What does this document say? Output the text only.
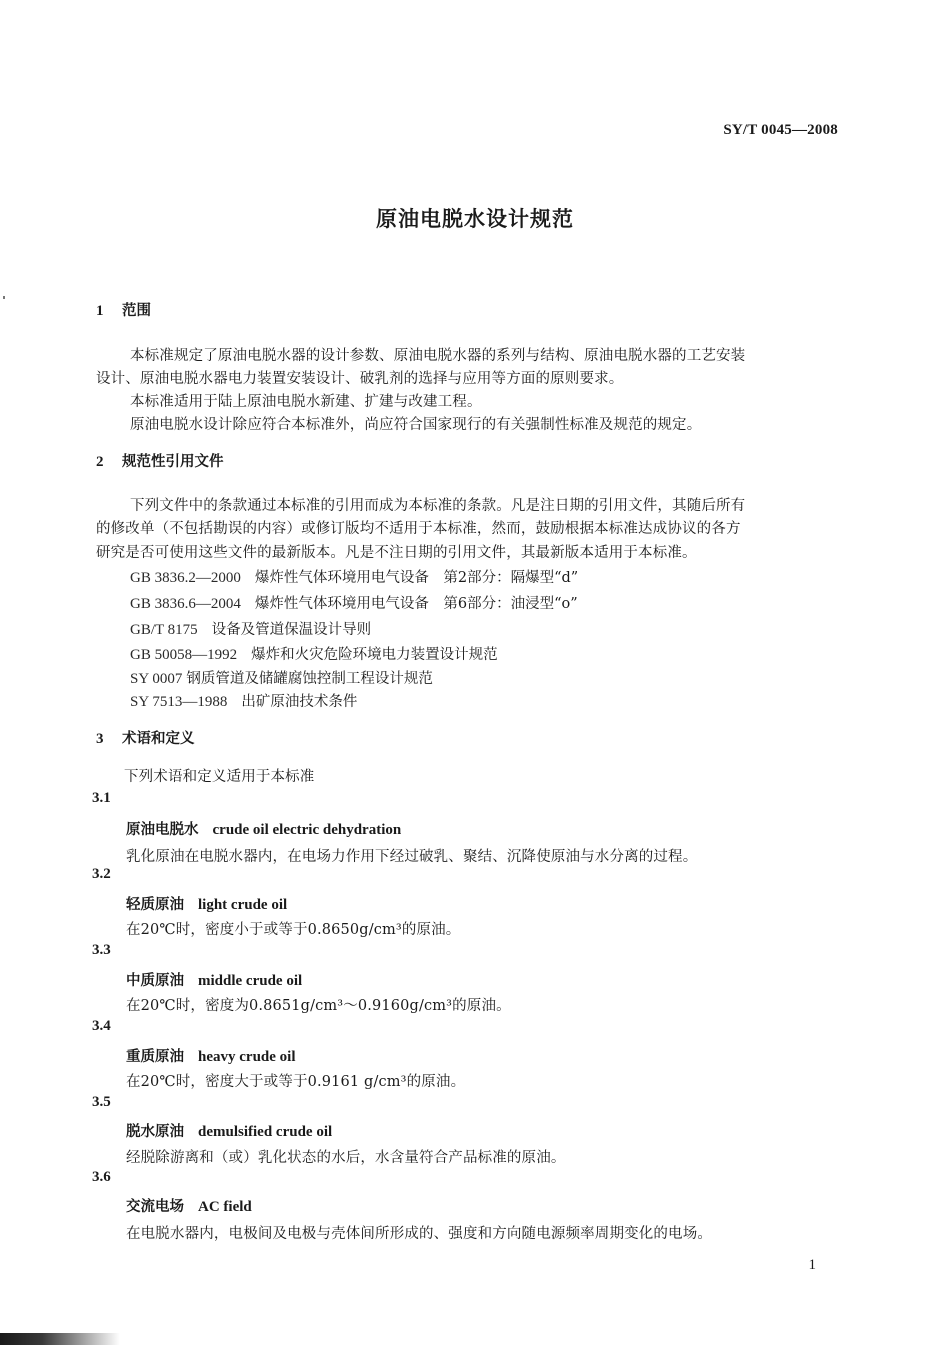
SY/T 0045—2008
原油电脱水设计规范
1 范围
本标准规定了原油电脱水器的设计参数、原油电脱水器的系列与结构、原油电脱水器的工艺安装
设计、原油电脱水器电力装置安装设计、破乳剂的选择与应用等方面的原则要求。
本标准适用于陆上原油电脱水新建、扩建与改建工程。
原油电脱水设计除应符合本标准外，尚应符合国家现行的有关强制性标准及规范的规定。
2 规范性引用文件
下列文件中的条款通过本标准的引用而成为本标准的条款。凡是注日期的引用文件，其随后所有
的修改单（不包括勘误的内容）或修订版均不适用于本标准，然而，鼓励根据本标准达成协议的各方
研究是否可使用这些文件的最新版本。凡是不注日期的引用文件，其最新版本适用于本标准。
GB 3836.2—2000 爆炸性气体环境用电气设备　第2部分：隔爆型“d”
GB 3836.6—2004 爆炸性气体环境用电气设备　第6部分：油浸型“o”
GB/T 8175 设备及管道保温设计导则
GB 50058—1992 爆炸和火灾危险环境电力装置设计规范
SY 0007 钢质管道及储罐腐蚀控制工程设计规范
SY 7513—1988 出矿原油技术条件
3 术语和定义
下列术语和定义适用于本标准
3.1
原油电脱水 crude oil electric dehydration
乳化原油在电脱水器内，在电场力作用下经过破乳、聚结、沉降使原油与水分离的过程。
3.2
轻质原油 light crude oil
在20℃时，密度小于或等于0.8650g/cm³的原油。
3.3
中质原油 middle crude oil
在20℃时，密度为0.8651g/cm³～0.9160g/cm³的原油。
3.4
重质原油 heavy crude oil
在20℃时，密度大于或等于0.9161 g/cm³的原油。
3.5
脱水原油 demulsified crude oil
经脱除游离和（或）乳化状态的水后，水含量符合产品标准的原油。
3.6
交流电场 AC field
在电脱水器内，电极间及电极与壳体间所形成的、强度和方向随电源频率周期变化的电场。
1
